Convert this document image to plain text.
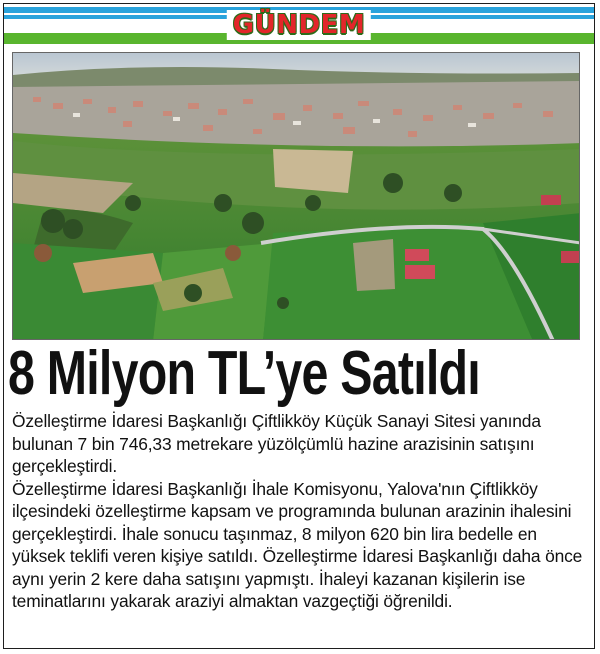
GÜNDEM
8 Milyon TL’ye Satıldı

Özelleştirme İdaresi Başkanlığı Çiftlikköy Küçük Sanayi Sitesi yanında bulunan 7 bin 746,33 metrekare yüzölçümlü hazine arazisinin satışını gerçekleştirdi.

Özelleştirme İdaresi Başkanlığı İhale Komisyonu, Yalova'nın Çiftlikköy ilçesindeki özelleştirme kapsam ve programında bulunan arazinin ihalesini gerçekleştirdi. İhale sonucu taşınmaz, 8 milyon 620 bin lira bedelle en yüksek teklifi veren kişiye satıldı. Özelleştirme İdaresi Başkanlığı daha önce aynı yerin 2 kere daha satışını yapmıştı. İhaleyi kazanan kişilerin ise teminatlarını yakarak araziyi almaktan vazgeçtiği öğrenildi.
